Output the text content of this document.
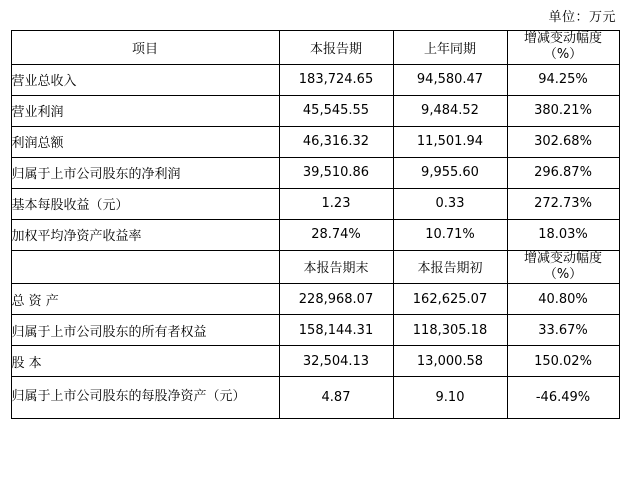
单位：万元
项目	本报告期	上年同期	增减变动幅度
（%）

营业总收入	183,724.65	94,580.47	94.25%
营业利润	45,545.55	9,484.52	380.21%
利润总额	46,316.32	11,501.94	302.68%
归属于上市公司股东的净利润	39,510.86	9,955.60	296.87%
基本每股收益（元）	1.23	0.33	272.73%
加权平均净资产收益率	28.74%	10.71%	18.03%
	本报告期末	本报告期初	增减变动幅度
（%）

总 资 产	228,968.07	162,625.07	40.80%
归属于上市公司股东的所有者权益	158,144.31	118,305.18	33.67%
股 本	32,504.13	13,000.58	150.02%
归属于上市公司股东的每股净资产（元）	4.87	9.10	-46.49%
